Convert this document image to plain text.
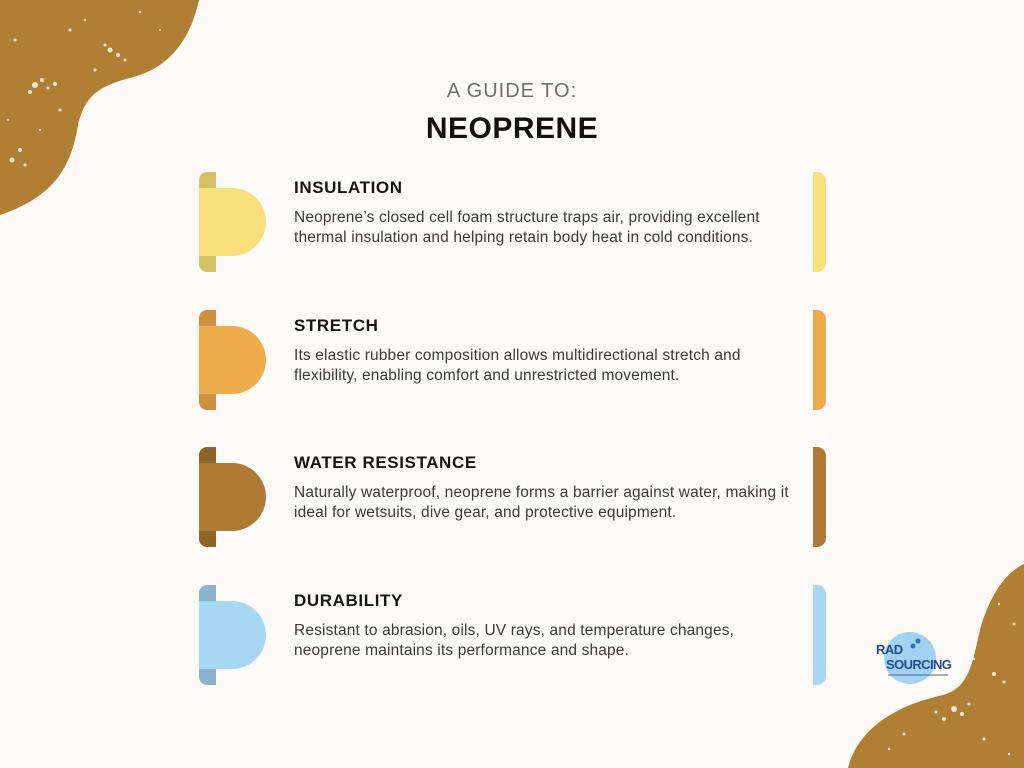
A GUIDE TO:
NEOPRENE
INSULATION
Neoprene’s closed cell foam structure traps air, providing excellent thermal insulation and helping retain body heat in cold conditions.
STRETCH
Its elastic rubber composition allows multidirectional stretch and flexibility, enabling comfort and unrestricted movement.
WATER RESISTANCE
Naturally waterproof, neoprene forms a barrier against water, making it ideal for wetsuits, dive gear, and protective equipment.
DURABILITY
Resistant to abrasion, oils, UV rays, and temperature changes, neoprene maintains its performance and shape.	RAD
SOURCING
